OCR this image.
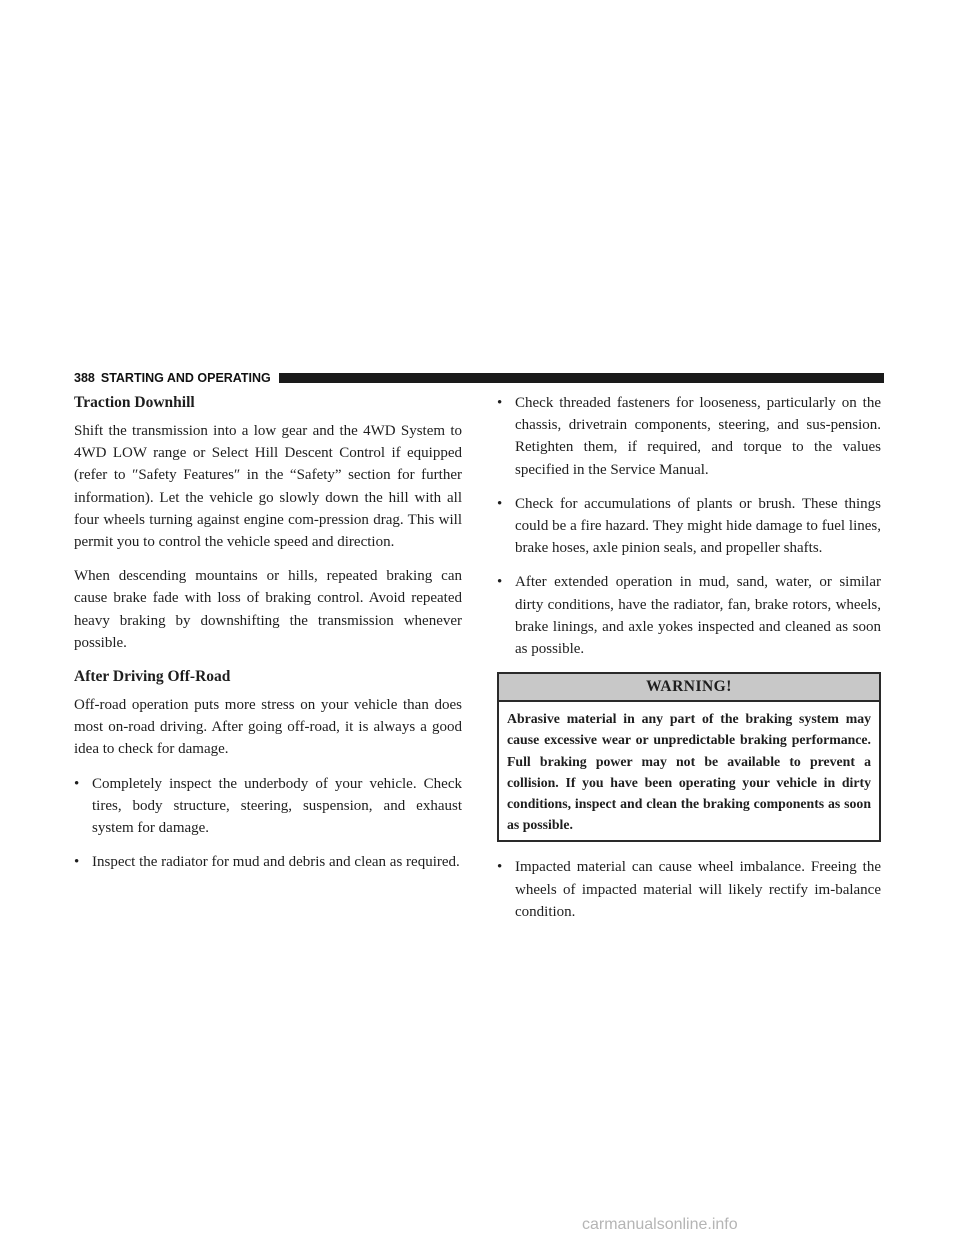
388 STARTING AND OPERATING
Traction Downhill

Shift the transmission into a low gear and the 4WD System to 4WD LOW range or Select Hill Descent Control if equipped (refer to ″Safety Features″ in the “Safety” section for further information). Let the vehicle go slowly down the hill with all four wheels turning against engine com-pression drag. This will permit you to control the vehicle speed and direction.

When descending mountains or hills, repeated braking can cause brake fade with loss of braking control. Avoid repeated heavy braking by downshifting the transmission whenever possible.

After Driving Off-Road

Off-road operation puts more stress on your vehicle than does most on-road driving. After going off-road, it is always a good idea to check for damage.

• Completely inspect the underbody of your vehicle. Check tires, body structure, steering, suspension, and exhaust system for damage.
• Inspect the radiator for mud and debris and clean as required.
• Check threaded fasteners for looseness, particularly on the chassis, drivetrain components, steering, and sus-pension. Retighten them, if required, and torque to the values specified in the Service Manual.
• Check for accumulations of plants or brush. These things could be a fire hazard. They might hide damage to fuel lines, brake hoses, axle pinion seals, and propeller shafts.
• After extended operation in mud, sand, water, or similar dirty conditions, have the radiator, fan, brake rotors, wheels, brake linings, and axle yokes inspected and cleaned as soon as possible.
WARNING!
Abrasive material in any part of the braking system may cause excessive wear or unpredictable braking performance. Full braking power may not be available to prevent a collision. If you have been operating your vehicle in dirty conditions, inspect and clean the braking components as soon as possible.
• Impacted material can cause wheel imbalance. Freeing the wheels of impacted material will likely rectify im-balance condition.
carmanualsonline.info
